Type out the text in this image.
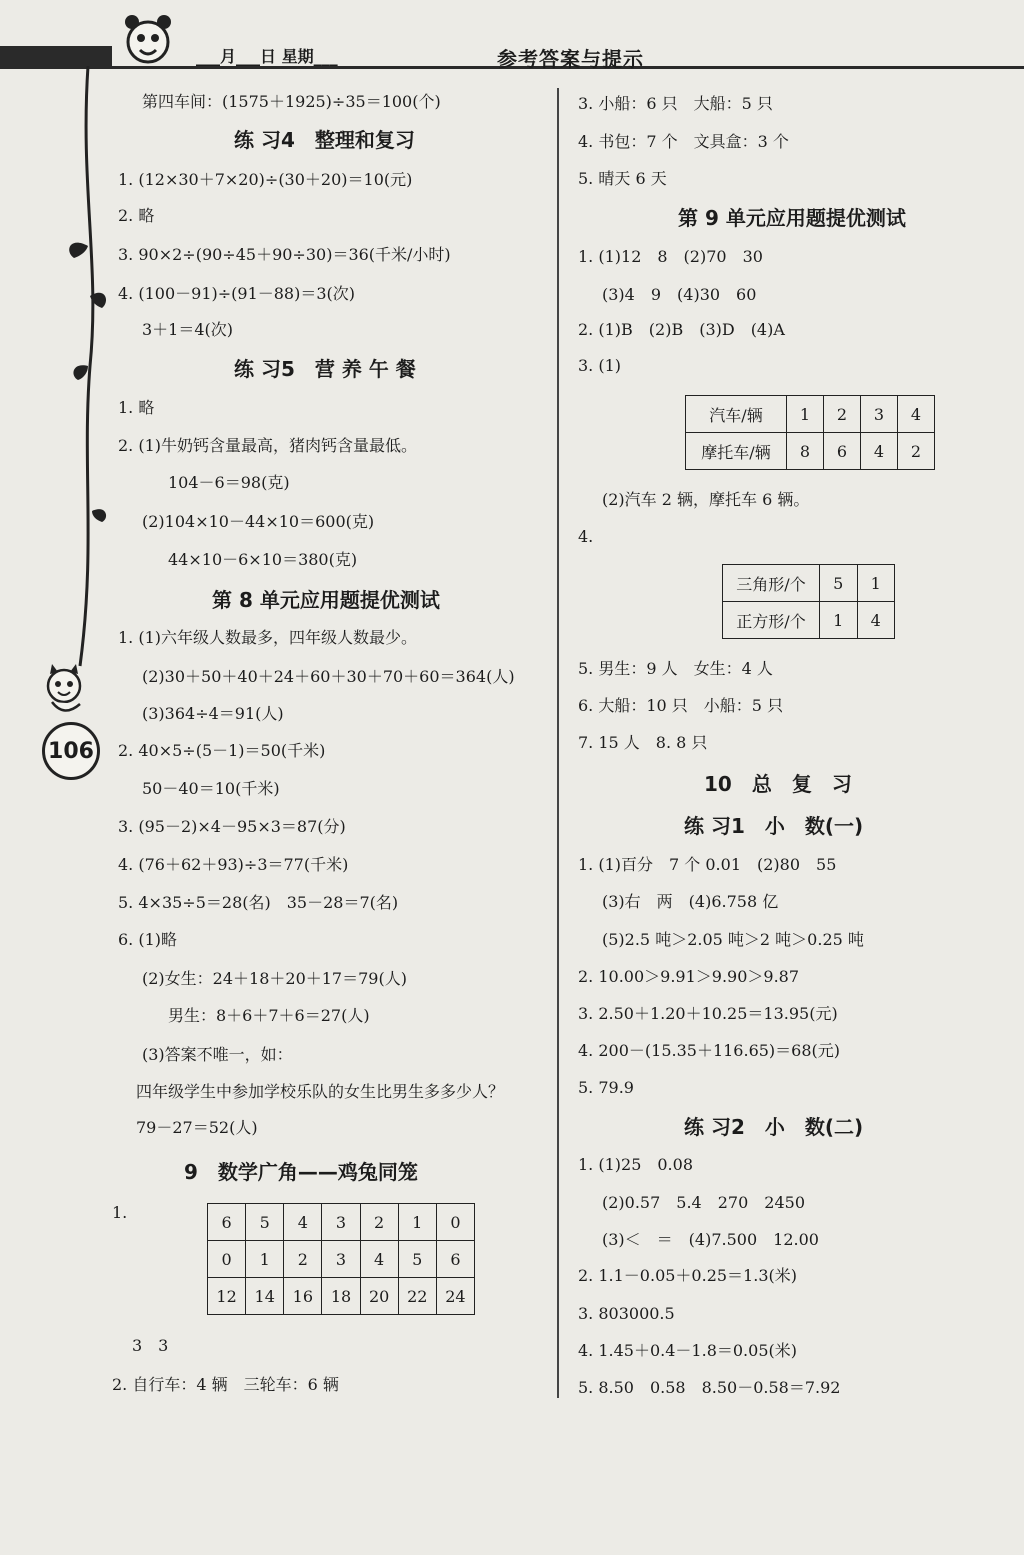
___月___日 星期___	参考答案与提示
106
第四车间：(1575＋1925)÷35＝100(个)
练 习4　整理和复习
1. (12×30＋7×20)÷(30＋20)＝10(元)
2. 略
3. 90×2÷(90÷45＋90÷30)＝36(千米/小时)
4. (100－91)÷(91－88)＝3(次)
3＋1＝4(次)
练 习5　营 养 午 餐
1. 略
2. (1)牛奶钙含量最高，猪肉钙含量最低。
104－6＝98(克)
(2)104×10－44×10＝600(克)
44×10－6×10＝380(克)
第 8 单元应用题提优测试
1. (1)六年级人数最多，四年级人数最少。
(2)30＋50＋40＋24＋60＋30＋70＋60＝364(人)
(3)364÷4＝91(人)
2. 40×5÷(5－1)＝50(千米)
50－40＝10(千米)
3. (95－2)×4－95×3＝87(分)
4. (76＋62＋93)÷3＝77(千米)
5. 4×35÷5＝28(名)　35－28＝7(名)
6. (1)略
(2)女生：24＋18＋20＋17＝79(人)
男生：8＋6＋7＋6＝27(人)
(3)答案不唯一，如：
四年级学生中参加学校乐队的女生比男生多多少人？
79－27＝52(人)
9　数学广角——鸡兔同笼
1.	6	5	4	3	2	1	0
0	1	2	3	4	5	6
12	14	16	18	20	22	24
3　3
2. 自行车：4 辆　三轮车：6 辆
3. 小船：6 只　大船：5 只
4. 书包：7 个　文具盒：3 个
5. 晴天 6 天
第 9 单元应用题提优测试
1. (1)12　8　(2)70　30
(3)4　9　(4)30　60
2. (1)B　(2)B　(3)D　(4)A
3. (1)
汽车/辆	1	2	3	4
摩托车/辆	8	6	4	2
(2)汽车 2 辆，摩托车 6 辆。
4.
三角形/个	5	1
正方形/个	1	4
5. 男生：9 人　女生：4 人
6. 大船：10 只　小船：5 只
7. 15 人　8. 8 只
10　总　复　习
练 习1　小　数(一)
1. (1)百分　7 个 0.01　(2)80　55
(3)右　两　(4)6.758 亿
(5)2.5 吨＞2.05 吨＞2 吨＞0.25 吨
2. 10.00＞9.91＞9.90＞9.87
3. 2.50＋1.20＋10.25＝13.95(元)
4. 200－(15.35＋116.65)＝68(元)
5. 79.9
练 习2　小　数(二)
1. (1)25　0.08
(2)0.57　5.4　270　2450
(3)＜　＝　(4)7.500　12.00
2. 1.1－0.05＋0.25＝1.3(米)
3. 803000.5
4. 1.45＋0.4－1.8＝0.05(米)
5. 8.50　0.58　8.50－0.58＝7.92
